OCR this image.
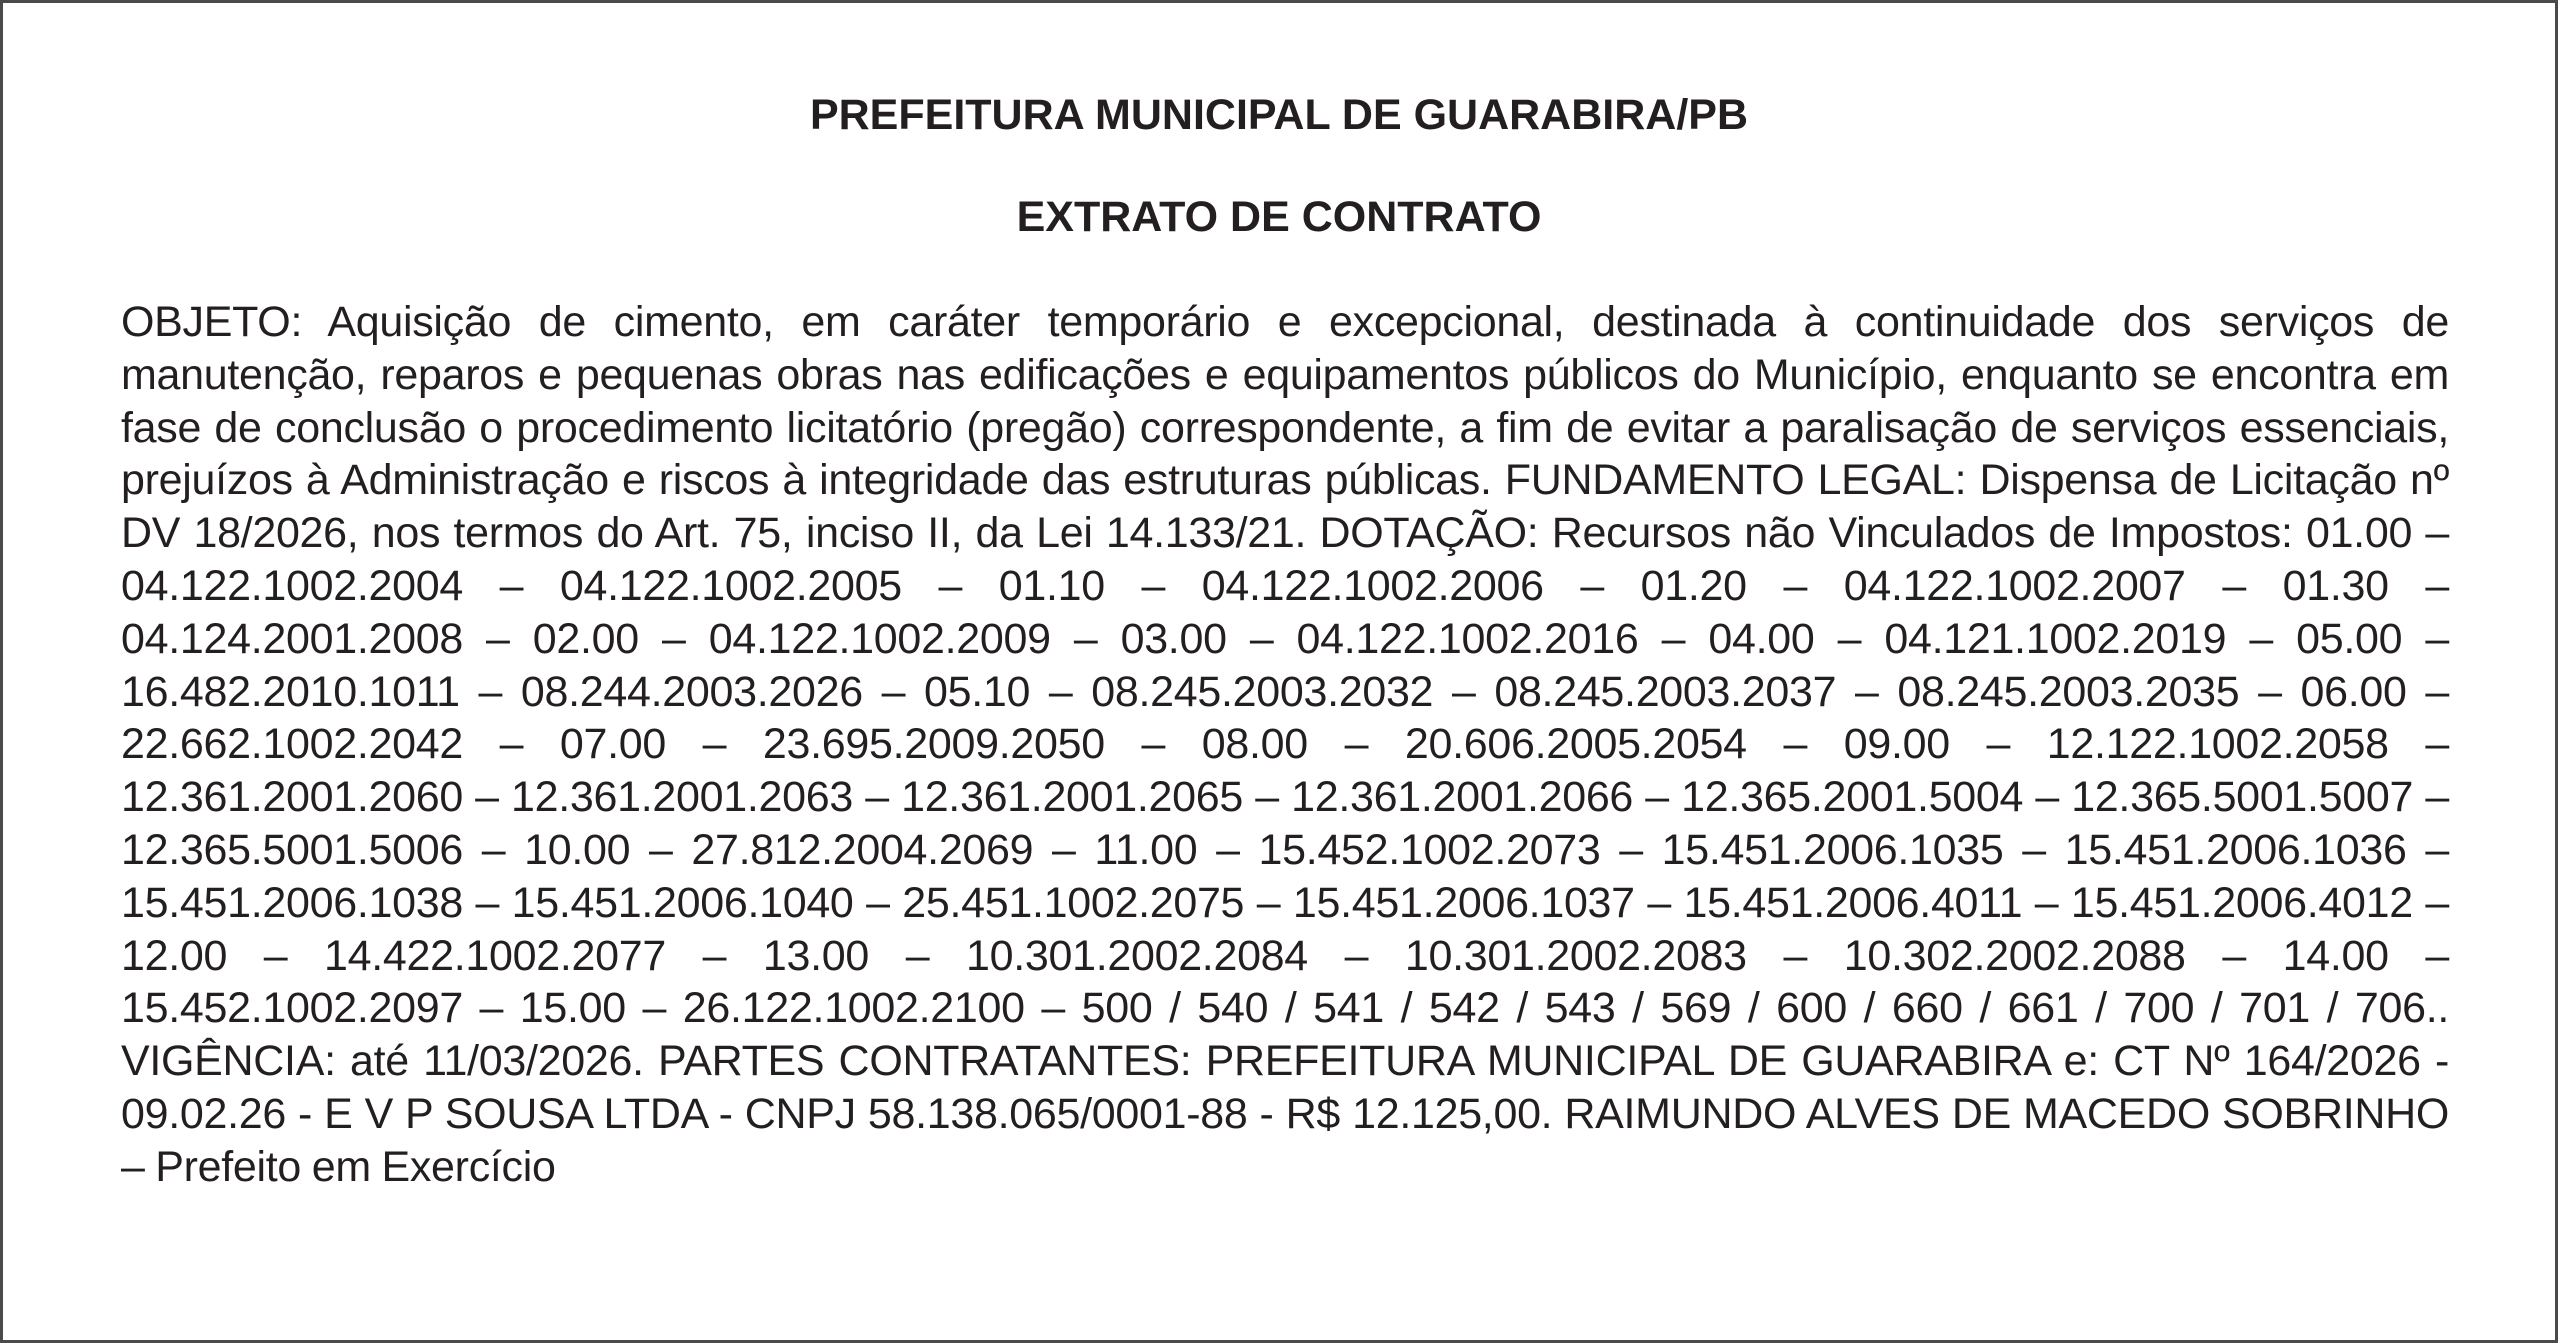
PREFEITURA MUNICIPAL DE GUARABIRA/PB
EXTRATO DE CONTRATO
OBJETO: Aquisição de cimento, em caráter temporário e excepcional, destinada à continuidade dos serviços de manutenção, reparos e pequenas obras nas edificações e equipamentos públicos do Município, enquanto se encontra em fase de conclusão o procedimento licitatório (pregão) correspondente, a fim de evitar a paralisação de serviços essenciais, prejuízos à Administração e riscos à integridade das estruturas públicas. FUNDAMENTO LEGAL: Dispensa de Licitação nº DV 18/2026, nos termos do Art. 75, inciso II, da Lei 14.133/21. DOTAÇÃO: Recursos não Vinculados de Impostos: 01.00 – 04.122.1002.2004 – 04.122.1002.2005 – 01.10 – 04.122.1002.2006 – 01.20 – 04.122.1002.2007 – 01.30 – 04.124.2001.2008 – 02.00 – 04.122.1002.2009 – 03.00 – 04.122.1002.2016 – 04.00 – 04.121.1002.2019 – 05.00 – 16.482.2010.1011 – 08.244.2003.2026 – 05.10 – 08.245.2003.2032 – 08.245.2003.2037 – 08.245.2003.2035 – 06.00 – 22.662.1002.2042 – 07.00 – 23.695.2009.2050 – 08.00 – 20.606.2005.2054 – 09.00 – 12.122.1002.2058 – 12.361.2001.2060 – 12.361.2001.2063 – 12.361.2001.2065 – 12.361.2001.2066 – 12.365.2001.5004 – 12.365.5001.5007 – 12.365.5001.5006 – 10.00 – 27.812.2004.2069 – 11.00 – 15.452.1002.2073 – 15.451.2006.1035 – 15.451.2006.1036 – 15.451.2006.1038 – 15.451.2006.1040 – 25.451.1002.2075 – 15.451.2006.1037 – 15.451.2006.4011 – 15.451.2006.4012 – 12.00 – 14.422.1002.2077 – 13.00 – 10.301.2002.2084 – 10.301.2002.2083 – 10.302.2002.2088 – 14.00 – 15.452.1002.2097 – 15.00 – 26.122.1002.2100 – 500 / 540 / 541 / 542 / 543 / 569 / 600 / 660 / 661 / 700 / 701 / 706.. VIGÊNCIA: até 11/03/2026. PARTES CONTRATANTES: PREFEITURA MUNICIPAL DE GUARABIRA e: CT Nº 164/2026 - 09.02.26 - E V P SOUSA LTDA - CNPJ 58.138.065/0001-88 - R$ 12.125,00. RAIMUNDO ALVES DE MACEDO SOBRINHO – Prefeito em Exercício
